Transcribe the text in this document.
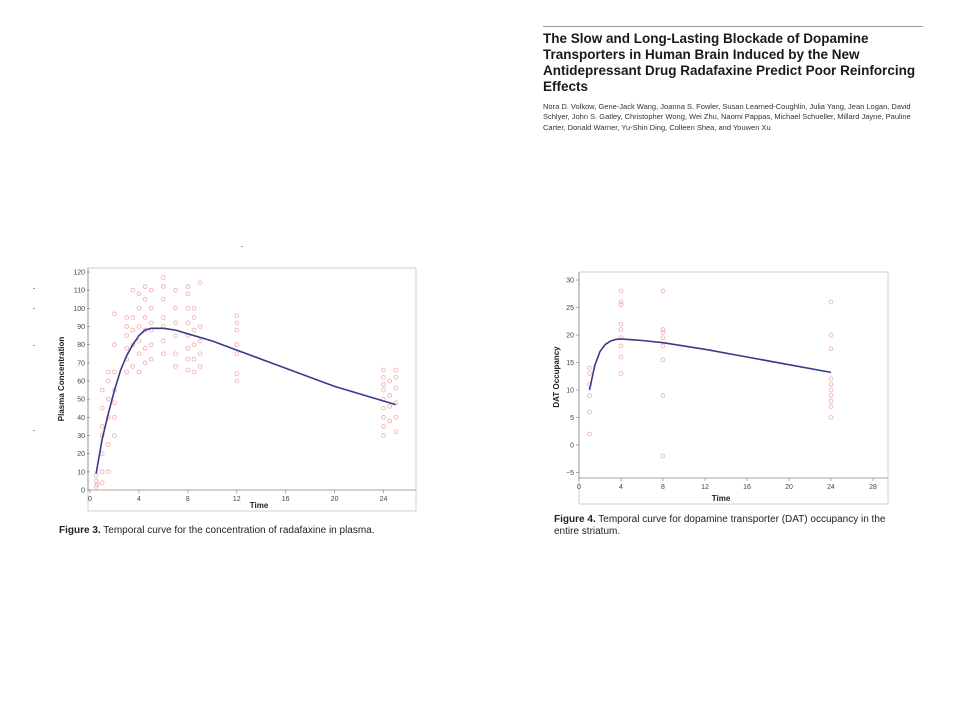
The Slow and Long-Lasting Blockade of Dopamine Transporters in Human Brain Induced by the New Antidepressant Drug Radafaxine Predict Poor Reinforcing Effects

Nora D. Volkow, Gene-Jack Wang, Joanna S. Fowler, Susan Learned-Coughlin, Julia Yang, Jean Logan, David Schlyer, John S. Gatley, Christopher Wong, Wei Zhu, Naomi Pappas, Michael Schueller, Millard Jayne, Pauline Carter, Donald Warner, Yu-Shin Ding, Colleen Shea, and Youwen Xu

0
10
20
30
40
50
60
70
80
90
100
110
120
0	4	8	12	16	20	24
Time
Plasma Concentration
−5
0
5
10
15
20
25
30
0	4	8	12	16	20	24	28
Time
DAT Occupancy

Figure 3. Temporal curve for the concentration of radafaxine in plasma.

Figure 4. Temporal curve for dopamine transporter (DAT) occupancy in the entire striatum.
